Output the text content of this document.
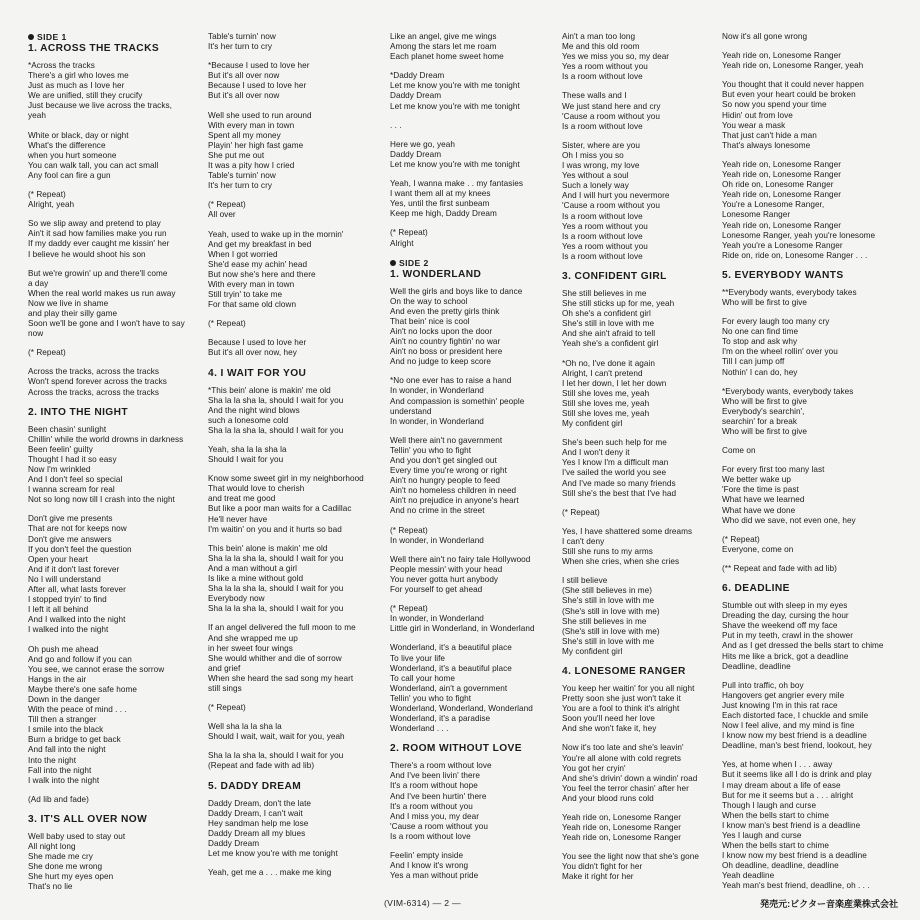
SIDE 1
1. ACROSS THE TRACKS
*Across the tracks
There's a girl who loves me
Just as much as I love her
We are unified, still they crucify
Just because we live across the tracks,
yeah
White or black, day or night
What's the difference
when you hurt someone
You can walk tall, you can act small
Any fool can fire a gun
(* Repeat)
Alright, yeah
So we slip away and pretend to play
Ain't it sad how families make you run
If my daddy ever caught me kissin' her
I believe he would shoot his son
But we're growin' up and there'll come
a day
When the real world makes us run away
Now we live in shame
and play their silly game
Soon we'll be gone and I won't have to say
now
(* Repeat)
Across the tracks, across the tracks
Won't spend forever across the tracks
Across the tracks, across the tracks
2. INTO THE NIGHT
Been chasin' sunlight
Chillin' while the world drowns in darkness
Been feelin' guilty
Thought I had it so easy
Now I'm wrinkled
And I don't feel so special
I wanna scream for real
Not so long now till I crash into the night
Don't give me presents
That are not for keeps now
Don't give me answers
If you don't feel the question
Open your heart
And if it don't last forever
No I will understand
After all, what lasts forever
I stopped tryin' to find
I left it all behind
And I walked into the night
I walked into the night
Oh push me ahead
And go and follow if you can
You see, we cannot erase the sorrow
Hangs in the air
Maybe there's one safe home
Down in the danger
With the peace of mind . . .
Till then a stranger
I smile into the black
Burn a bridge to get back
And fall into the night
Into the night
Fall into the night
I walk into the night
(Ad lib and fade)
3. IT'S ALL OVER NOW
Well baby used to stay out
All night long
She made me cry
She done me wrong
She hurt my eyes open
That's no lie
Table's turnin' now
It's her turn to cry
*Because I used to love her
But it's all over now
Because I used to love her
But it's all over now
Well she used to run around
With every man in town
Spent all my money
Playin' her high fast game
She put me out
It was a pity how I cried
Table's turnin' now
It's her turn to cry
(* Repeat)
All over
Yeah, used to wake up in the mornin'
And get my breakfast in bed
When I got worried
She'd ease my achin' head
But now she's here and there
With every man in town
Still tryin' to take me
For that same old clown
(* Repeat)
Because I used to love her
But it's all over now, hey
4. I WAIT FOR YOU
*This bein' alone is makin' me old
Sha la la sha la, should I wait for you
And the night wind blows
such a lonesome cold
Sha la la sha la, should I wait for you
Yeah, sha la la sha la
Should I wait for you
Know some sweet girl in my neighborhood
That would love to cherish
and treat me good
But like a poor man waits for a Cadillac
He'll never have
I'm waitin' on you and it hurts so bad
This bein' alone is makin' me old
Sha la la sha la, should I wait for you
And a man without a girl
Is like a mine without gold
Sha la la sha la, should I wait for you
Everybody now
Sha la la sha la, should I wait for you
If an angel delivered the full moon to me
And she wrapped me up
in her sweet four wings
She would whither and die of sorrow
and grief
When she heard the sad song my heart
still sings
(* Repeat)
Well sha la la sha la
Should I wait, wait, wait for you, yeah
Sha la la sha la, should I wait for you
(Repeat and fade with ad lib)
5. DADDY DREAM
Daddy Dream, don't the late
Daddy Dream, I can't wait
Hey sandman help me lose
Daddy Dream all my blues
Daddy Dream
Let me know you're with me tonight
Yeah, get me a . . . make me king
Like an angel, give me wings
Among the stars let me roam
Each planet home sweet home
*Daddy Dream
Let me know you're with me tonight
Daddy Dream
Let me know you're with me tonight
. . .
Here we go, yeah
Daddy Dream
Let me know you're with me tonight
Yeah, I wanna make . . my fantasies
I want them all at my knees
Yes, until the first sunbeam
Keep me high, Daddy Dream
(* Repeat)
Alright
SIDE 2
1. WONDERLAND
Well the girls and boys like to dance
On the way to school
And even the pretty girls think
That bein' nice is cool
Ain't no locks upon the door
Ain't no country fightin' no war
Ain't no boss or president here
And no judge to keep score
*No one ever has to raise a hand
In wonder, in Wonderland
And compassion is somethin' people
understand
In wonder, in Wonderland
Well there ain't no gavernment
Tellin' you who to fight
And you don't get singled out
Every time you're wrong or right
Ain't no hungry people to feed
Ain't no homeless children in need
Ain't no prejudice in anyone's heart
And no crime in the street
(* Repeat)
In wonder, in Wonderland
Well there ain't no fairy tale Hollywood
People messin' with your head
You never gotta hurt anybody
For yourself to get ahead
(* Repeat)
In wonder, in Wonderland
Little girl in Wonderland, in Wonderland
Wonderland, it's a beautiful place
To live your life
Wonderland, it's a beautiful place
To call your home
Wonderland, ain't a government
Tellin' you who to fight
Wonderland, Wonderland, Wonderland
Wonderland, it's a paradise
Wonderland . . .
2. ROOM WITHOUT LOVE
There's a room without love
And I've been livin' there
It's a room without hope
And I've been hurtin' there
It's a room without you
And I miss you, my dear
'Cause a room without you
Is a room without love
Feelin' empty inside
And I know it's wrong
Yes a man without pride
Ain't a man too long
Me and this old room
Yes we miss you so, my dear
Yes a room without you
Is a room without love
These walls and I
We just stand here and cry
'Cause a room without you
Is a room without love
Sister, where are you
Oh I miss you so
I was wrong, my love
Yes without a soul
Such a lonely way
And I will hurt you nevermore
'Cause a room without you
Is a room without love
Yes a room without you
Is a room without love
Yes a room without you
Is a room without love
3. CONFIDENT GIRL
She still believes in me
She still sticks up for me, yeah
Oh she's a confident girl
She's still in love with me
And she ain't afraid to tell
Yeah she's a confident girl
*Oh no, I've done it again
Alright, I can't pretend
I let her down, I let her down
Still she loves me, yeah
Still she loves me, yeah
Still she loves me, yeah
My confident girl
She's been such help for me
And I won't deny it
Yes I know I'm a difficult man
I've sailed the world you see
And I've made so many friends
Still she's the best that I've had
(* Repeat)
Yes, I have shattered some dreams
I can't deny
Still she runs to my arms
When she cries, when she cries
I still believe
(She still believes in me)
She's still in love with me
(She's still in love with me)
She still believes in me
(She's still in love with me)
She's still in love with me
My confident girl
4. LONESOME RANGER
You keep her waitin' for you all night
Pretty soon she just won't take it
You are a fool to think it's alright
Soon you'll need her love
And she won't fake it, hey
Now it's too late and she's leavin'
You're all alone with cold regrets
You got her cryin'
And she's drivin' down a windin' road
You feel the terror chasin' after her
And your blood runs cold
Yeah ride on, Lonesome Ranger
Yeah ride on, Lonesome Ranger
Yeah ride on, Lonesome Ranger
You see the light now that she's gone
You didn't fight for her
Make it right for her
Now it's all gone wrong
Yeah ride on, Lonesome Ranger
Yeah ride on, Lonesome Ranger, yeah
You thought that it could never happen
But even your heart could be broken
So now you spend your time
Hidin' out from love
You wear a mask
That just can't hide a man
That's always lonesome
Yeah ride on, Lonesome Ranger
Yeah ride on, Lonesome Ranger
Oh ride on, Lonesome Ranger
Yeah ride on, Lonesome Ranger
You're a Lonesome Ranger,
Lonesome Ranger
Yeah ride on, Lonesome Ranger
Lonesome Ranger, yeah you're lonesome
Yeah you're a Lonesome Ranger
Ride on, ride on, Lonesome Ranger . . .
5. EVERYBODY WANTS
**Everybody wants, everybody takes
Who will be first to give
For every laugh too many cry
No one can find time
To stop and ask why
I'm on the wheel rollin' over you
Till I can jump off
Nothin' I can do, hey
*Everybody wants, everybody takes
Who will be first to give
Everybody's searchin',
searchin' for a break
Who will be first to give
Come on
For every first too many last
We better wake up
'Fore the time is past
What have we learned
What have we done
Who did we save, not even one, hey
(* Repeat)
Everyone, come on
(** Repeat and fade with ad lib)
6. DEADLINE
Stumble out with sleep in my eyes
Dreading the day, cursing the hour
Shave the weekend off my face
Put in my teeth, crawl in the shower
And as I get dressed the bells start to chime
Hits me like a brick, got a deadline
Deadline, deadline
Pull into traffic, oh boy
Hangovers get angrier every mile
Just knowing I'm in this rat race
Each distorted face, I chuckle and smile
Now I feel alive, and my mind is fine
I know now my best friend is a deadline
Deadline, man's best friend, lookout, hey
Yes, at home when I . . . away
But it seems like all I do is drink and play
I may dream about a life of ease
But for me it seems but a . . . alright
Though I laugh and curse
When the bells start to chime
I know man's best friend is a deadline
Yes I laugh and curse
When the bells start to chime
I know now my best friend is a deadline
Oh deadline, deadline, deadline
Yeah deadline
Yeah man's best friend, deadline, oh . . .
(VIM-6314) — 2 —	発売元:ビクター音楽産業株式会社
